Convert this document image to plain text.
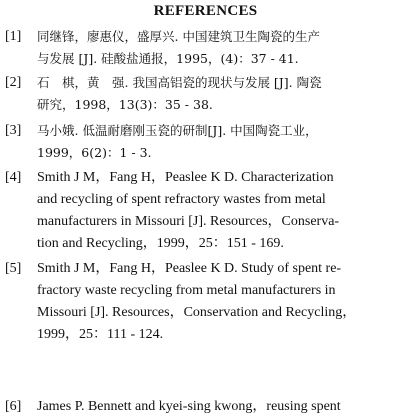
REFERENCES
[1] 同继锋，廖惠仪，盛厚兴. 中国建筑卫生陶瓷的生产
与发展 [J]. 硅酸盐通报，1995，(4)：37 - 41.
[2] 石　棋，黄　强. 我国高铝瓷的现状与发展 [J]. 陶瓷
研究，1998，13(3)：35 - 38.
[3] 马小娥. 低温耐磨刚玉瓷的研制[J]. 中国陶瓷工业，
1999，6(2)：1 - 3.
[4] Smith J M，Fang H，Peaslee K D. Characterization
and recycling of spent refractory wastes from metal
manufacturers in Missouri [J]. Resources，Conserva-
tion and Recycling，1999，25：151 - 169.
[5] Smith J M，Fang H，Peaslee K D. Study of spent re-
fractory waste recycling from metal manufacturers in
Missouri [J]. Resources，Conservation and Recycling，
1999，25：111 - 124.
[6] James P. Bennett and kyei-sing kwong，reusing spent
